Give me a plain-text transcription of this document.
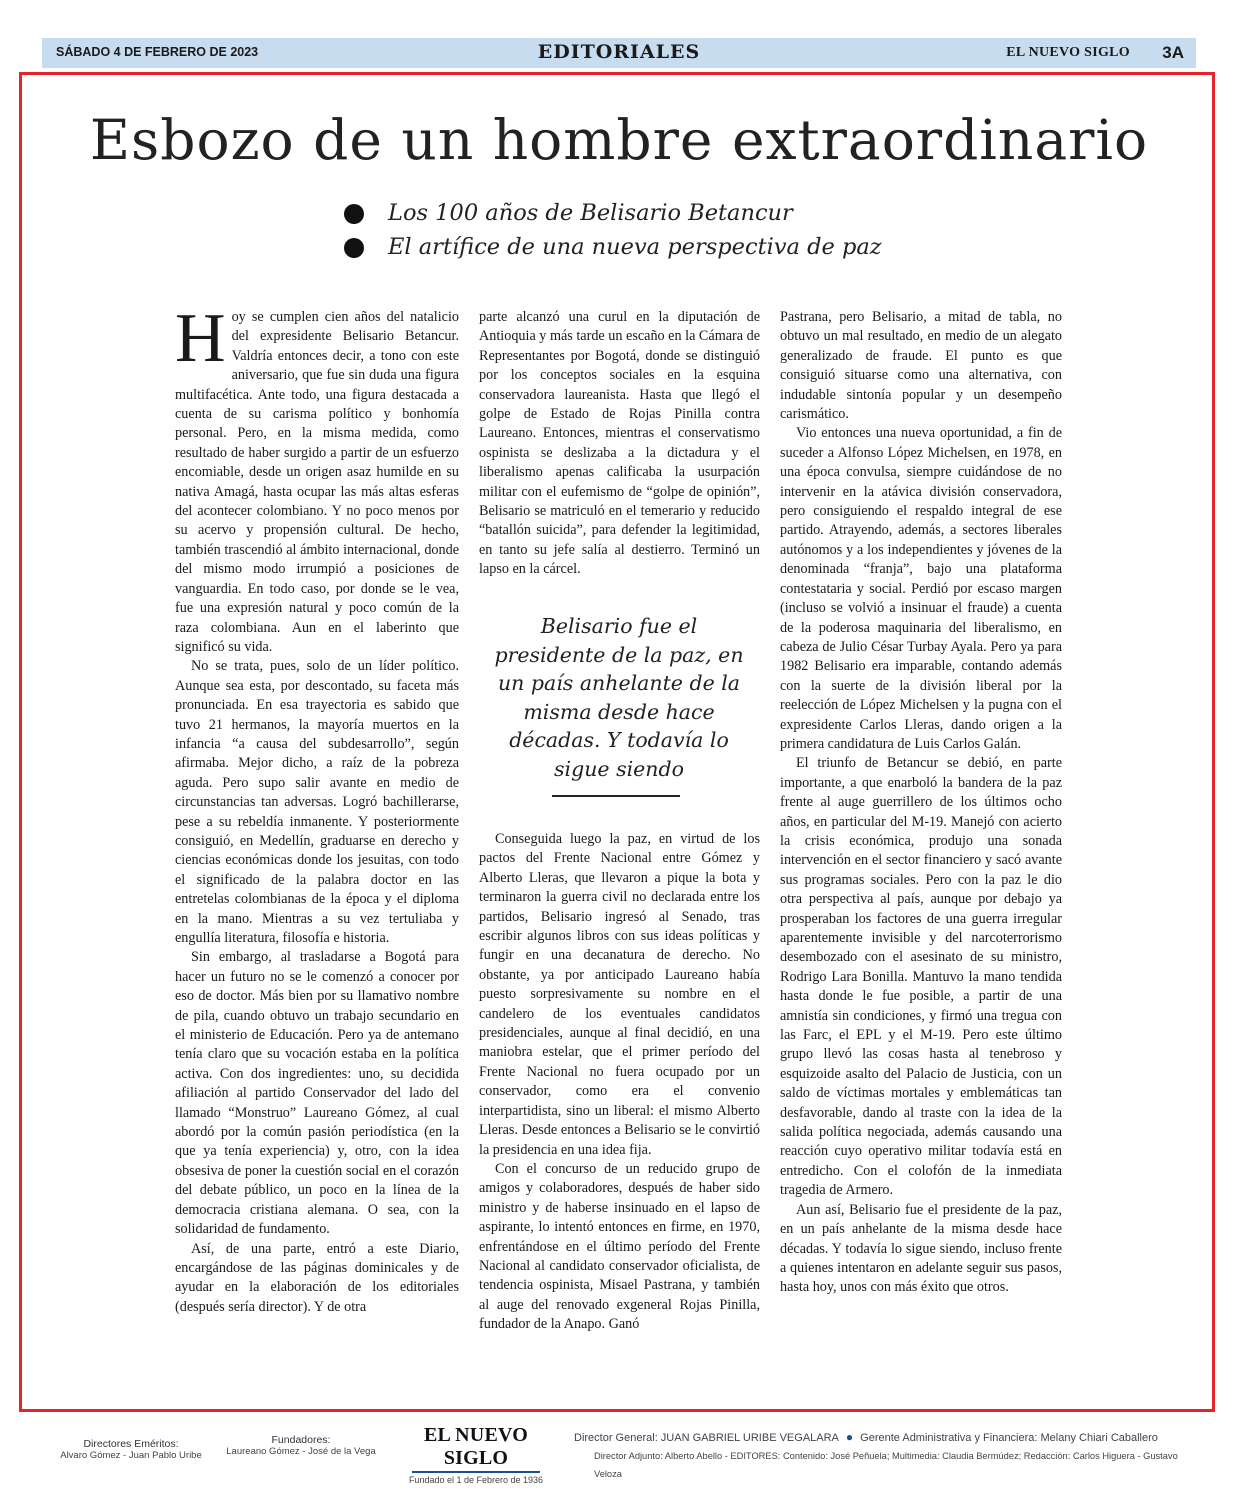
SÁBADO 4 DE FEBRERO DE 2023	EDITORIALES	EL NUEVO SIGLO 3A
Esbozo de un hombre extraordinario
Los 100 años de Belisario Betancur
El artífice de una nueva perspectiva de paz

Hoy se cumplen cien años del natalicio del expresidente Belisario Betancur. Valdría entonces decir, a tono con este aniversario, que fue sin duda una figura multifacética. Ante todo, una figura destacada a cuenta de su carisma político y bonhomía personal. Pero, en la misma medida, como resultado de haber surgido a partir de un esfuerzo encomiable, desde un origen asaz humilde en su nativa Amagá, hasta ocupar las más altas esferas del acontecer colombiano. Y no poco menos por su acervo y propensión cultural. De hecho, también trascendió al ámbito internacional, donde del mismo modo irrumpió a posiciones de vanguardia. En todo caso, por donde se le vea, fue una expresión natural y poco común de la raza colombiana. Aun en el laberinto que significó su vida.

No se trata, pues, solo de un líder político. Aunque sea esta, por descontado, su faceta más pronunciada. En esa trayectoria es sabido que tuvo 21 hermanos, la mayoría muertos en la infancia “a causa del subdesarrollo”, según afirmaba. Mejor dicho, a raíz de la pobreza aguda. Pero supo salir avante en medio de circunstancias tan adversas. Logró bachillerarse, pese a su rebeldía inmanente. Y posteriormente consiguió, en Medellín, graduarse en derecho y ciencias económicas donde los jesuitas, con todo el significado de la palabra doctor en las entretelas colombianas de la época y el diploma en la mano. Mientras a su vez tertuliaba y engullía literatura, filosofía e historia.

Sin embargo, al trasladarse a Bogotá para hacer un futuro no se le comenzó a conocer por eso de doctor. Más bien por su llamativo nombre de pila, cuando obtuvo un trabajo secundario en el ministerio de Educación. Pero ya de antemano tenía claro que su vocación estaba en la política activa. Con dos ingredientes: uno, su decidida afiliación al partido Conservador del lado del llamado “Monstruo” Laureano Gómez, al cual abordó por la común pasión periodística (en la que ya tenía experiencia) y, otro, con la idea obsesiva de poner la cuestión social en el corazón del debate público, un poco en la línea de la democracia cristiana alemana. O sea, con la solidaridad de fundamento.

Así, de una parte, entró a este Diario, encargándose de las páginas dominicales y de ayudar en la elaboración de los editoriales (después sería director). Y de otra

parte alcanzó una curul en la diputación de Antioquia y más tarde un escaño en la Cámara de Representantes por Bogotá, donde se distinguió por los conceptos sociales en la esquina conservadora laureanista. Hasta que llegó el golpe de Estado de Rojas Pinilla contra Laureano. Entonces, mientras el conservatismo ospinista se deslizaba a la dictadura y el liberalismo apenas calificaba la usurpación militar con el eufemismo de “golpe de opinión”, Belisario se matriculó en el temerario y reducido “batallón suicida”, para defender la legitimidad, en tanto su jefe salía al destierro. Terminó un lapso en la cárcel.

Belisario fue el presidente de la paz, en un país anhelante de la misma desde hace décadas. Y todavía lo sigue siendo

Conseguida luego la paz, en virtud de los pactos del Frente Nacional entre Gómez y Alberto Lleras, que llevaron a pique la bota y terminaron la guerra civil no declarada entre los partidos, Belisario ingresó al Senado, tras escribir algunos libros con sus ideas políticas y fungir en una decanatura de derecho. No obstante, ya por anticipado Laureano había puesto sorpresivamente su nombre en el candelero de los eventuales candidatos presidenciales, aunque al final decidió, en una maniobra estelar, que el primer período del Frente Nacional no fuera ocupado por un conservador, como era el convenio interpartidista, sino un liberal: el mismo Alberto Lleras. Desde entonces a Belisario se le convirtió la presidencia en una idea fija.

Con el concurso de un reducido grupo de amigos y colaboradores, después de haber sido ministro y de haberse insinuado en el lapso de aspirante, lo intentó entonces en firme, en 1970, enfrentándose en el último período del Frente Nacional al candidato conservador oficialista, de tendencia ospinista, Misael Pastrana, y también al auge del renovado exgeneral Rojas Pinilla, fundador de la Anapo. Ganó

Pastrana, pero Belisario, a mitad de tabla, no obtuvo un mal resultado, en medio de un alegato generalizado de fraude. El punto es que consiguió situarse como una alternativa, con indudable sintonía popular y un desempeño carismático.

Vio entonces una nueva oportunidad, a fin de suceder a Alfonso López Michelsen, en 1978, en una época convulsa, siempre cuidándose de no intervenir en la atávica división conservadora, pero consiguiendo el respaldo integral de ese partido. Atrayendo, además, a sectores liberales autónomos y a los independientes y jóvenes de la denominada “franja”, bajo una plataforma contestataria y social. Perdió por escaso margen (incluso se volvió a insinuar el fraude) a cuenta de la poderosa maquinaria del liberalismo, en cabeza de Julio César Turbay Ayala. Pero ya para 1982 Belisario era imparable, contando además con la suerte de la división liberal por la reelección de López Michelsen y la pugna con el expresidente Carlos Lleras, dando origen a la primera candidatura de Luis Carlos Galán.

El triunfo de Betancur se debió, en parte importante, a que enarboló la bandera de la paz frente al auge guerrillero de los últimos ocho años, en particular del M-19. Manejó con acierto la crisis económica, produjo una sonada intervención en el sector financiero y sacó avante sus programas sociales. Pero con la paz le dio otra perspectiva al país, aunque por debajo ya prosperaban los factores de una guerra irregular aparentemente invisible y del narcoterrorismo desembozado con el asesinato de su ministro, Rodrigo Lara Bonilla. Mantuvo la mano tendida hasta donde le fue posible, a partir de una amnistía sin condiciones, y firmó una tregua con las Farc, el EPL y el M-19. Pero este último grupo llevó las cosas hasta al tenebroso y esquizoide asalto del Palacio de Justicia, con un saldo de víctimas mortales y emblemáticas tan desfavorable, dando al traste con la idea de la salida política negociada, además causando una reacción cuyo operativo militar todavía está en entredicho. Con el colofón de la inmediata tragedia de Armero.

Aun así, Belisario fue el presidente de la paz, en un país anhelante de la misma desde hace décadas. Y todavía lo sigue siendo, incluso frente a quienes intentaron en adelante seguir sus pasos, hasta hoy, unos con más éxito que otros.

Directores Eméritos:
Alvaro Gómez - Juan Pablo Uribe
Fundadores:
Laureano Gómez - José de la Vega
EL NUEVO SIGLO
Fundado el 1 de Febrero de 1936
Director General: JUAN GABRIEL URIBE VEGALARA ● Gerente Administrativa y Financiera: Melany Chiari Caballero
Director Adjunto: Alberto Abello - EDITORES: Contenido: José Peñuela; Multimedia: Claudia Bermúdez; Redacción: Carlos Higuera - Gustavo Veloza
